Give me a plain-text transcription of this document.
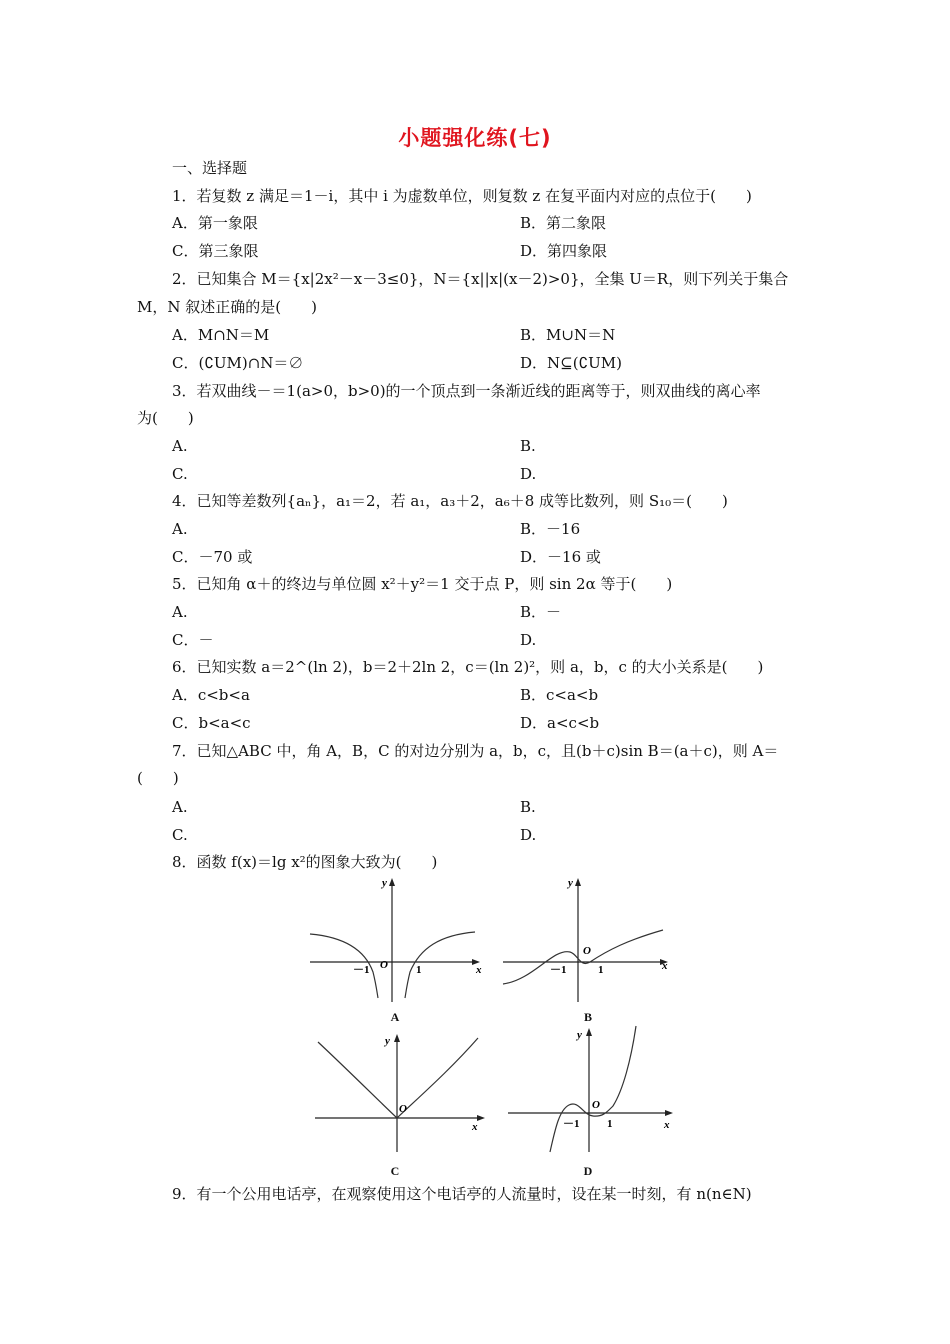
小题强化练(七)
一、选择题
1．若复数 z 满足＝1－i，其中 i 为虚数单位，则复数 z 在复平面内对应的点位于(　　)
A．第一象限	B．第二象限
C．第三象限	D．第四象限
2．已知集合 M＝{x|2x²－x－3≤0}，N＝{x||x|(x－2)>0}，全集 U＝R，则下列关于集合
M，N 叙述正确的是(　　)
A．M∩N＝M	B．M∪N＝N
C．(∁UM)∩N＝∅	D．N⊆(∁UM)
3．若双曲线－＝1(a>0，b>0)的一个顶点到一条渐近线的距离等于，则双曲线的离心率
为(　　)
A.	B.
C.	D.
4．已知等差数列{aₙ}，a₁＝2，若 a₁，a₃＋2，a₆＋8 成等比数列，则 S₁₀＝(　　)
A.	B．－16
C．－70 或	D．－16 或
5．已知角 α＋的终边与单位圆 x²＋y²＝1 交于点 P，则 sin 2α 等于(　　)
A.	B．－
C．－	D.
6．已知实数 a＝2^(ln 2)，b＝2＋2ln 2，c＝(ln 2)²，则 a，b，c 的大小关系是(　　)
A．c<b<a	B．c<a<b
C．b<a<c	D．a<c<b
7．已知△ABC 中，角 A，B，C 的对边分别为 a，b，c，且(b＋c)sin B＝(a＋c)，则 A＝
(　　)
A.	B.
C.	D.
8．函数 f(x)＝lg x²的图象大致为(　　)
x
y
O
－1	1
A
x
y
O
－1	1
B
x
y
O
C
x
y
O
－1	1
D
9．有一个公用电话亭，在观察使用这个电话亭的人流量时，设在某一时刻，有 n(n∈N)
